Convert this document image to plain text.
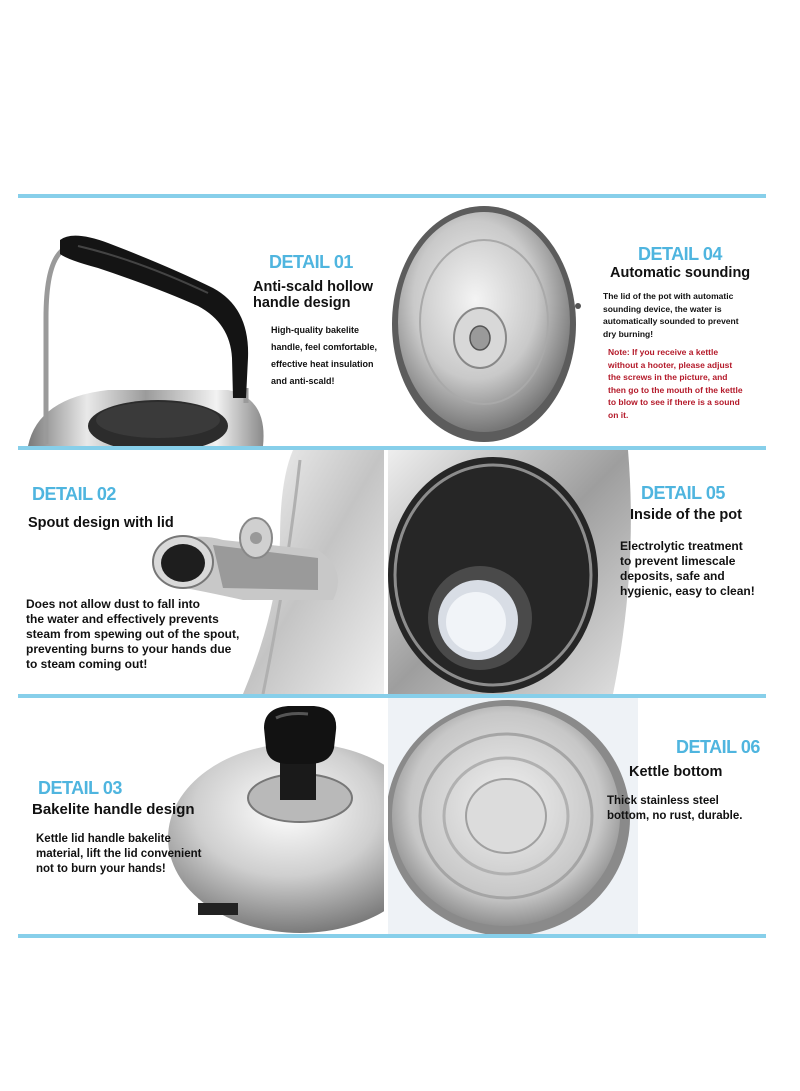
DETAIL 01
Anti-scald hollow
handle design
High-quality bakelite
handle, feel comfortable,
effective heat insulation
and anti-scald!
DETAIL 04
Automatic sounding
The lid of the pot with automatic
sounding device, the water is
automatically sounded to prevent
dry burning!
Note: If you receive a kettle
without a hooter, please adjust
the screws in the picture, and
then go to the mouth of the kettle
to blow to see if there is a sound
on it.
DETAIL 02
Spout design with lid
Does not allow dust to fall into
the water and effectively prevents
steam from spewing out of the spout,
preventing burns to your hands due
to steam coming out!
DETAIL 05
Inside of the pot
Electrolytic treatment
to prevent limescale
deposits, safe and
hygienic, easy to clean!
DETAIL 03
Bakelite handle design
Kettle lid handle bakelite
material, lift the lid convenient
not to burn your hands!
DETAIL 06
Kettle bottom
Thick stainless steel
bottom, no rust, durable.
